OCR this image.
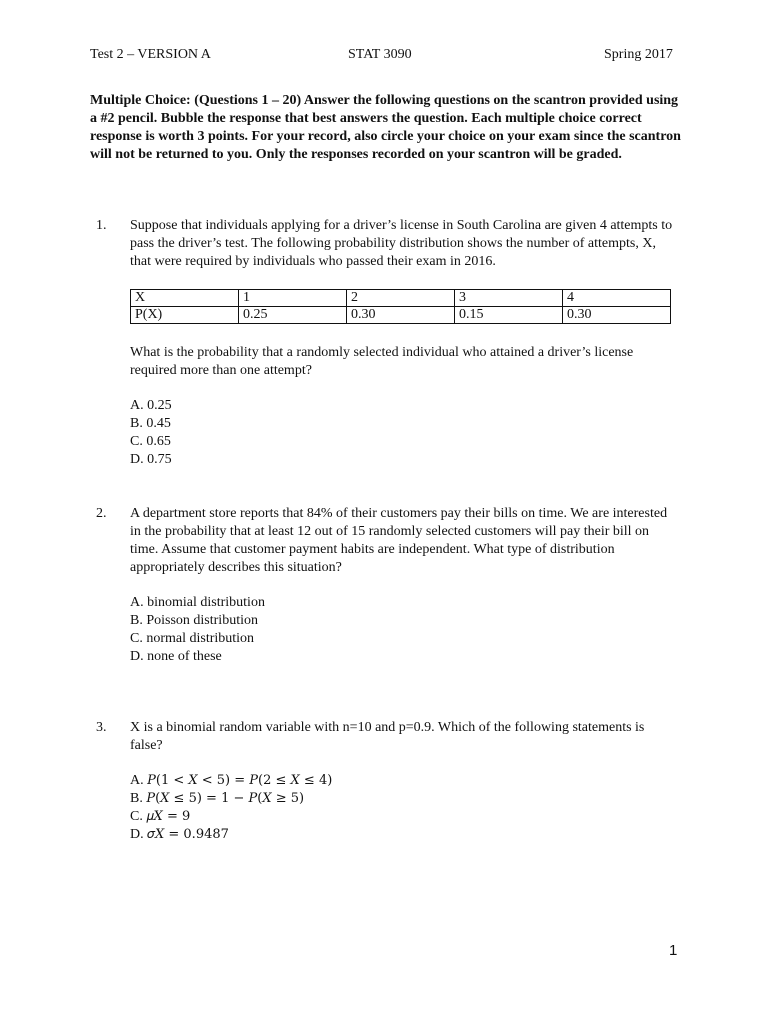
Test 2 – VERSION A	STAT 3090	Spring 2017

Multiple Choice: (Questions 1 – 20) Answer the following questions on the scantron provided using a #2 pencil. Bubble the response that best answers the question. Each multiple choice correct response is worth 3 points. For your record, also circle your choice on your exam since the scantron will not be returned to you. Only the responses recorded on your scantron will be graded.

1. Suppose that individuals applying for a driver’s license in South Carolina are given 4 attempts to pass the driver’s test. The following probability distribution shows the number of attempts, X, that were required by individuals who passed their exam in 2016.

X	1	2	3	4
P(X)	0.25	0.30	0.15	0.30

What is the probability that a randomly selected individual who attained a driver’s license required more than one attempt?

A. 0.25
B. 0.45
C. 0.65
D. 0.75
2. A department store reports that 84% of their customers pay their bills on time. We are interested in the probability that at least 12 out of 15 randomly selected customers will pay their bill on time. Assume that customer payment habits are independent. What type of distribution appropriately describes this situation?

A. binomial distribution
B. Poisson distribution
C. normal distribution
D. none of these
3. X is a binomial random variable with n=10 and p=0.9. Which of the following statements is false?

A. 𝑃(1 < 𝑋 < 5) = 𝑃(2 ≤ 𝑋 ≤ 4)
B. 𝑃(𝑋 ≤ 5) = 1 − 𝑃(𝑋 ≥ 5)
C. 𝜇𝑋 = 9
D. 𝜎𝑋 = 0.9487
1
